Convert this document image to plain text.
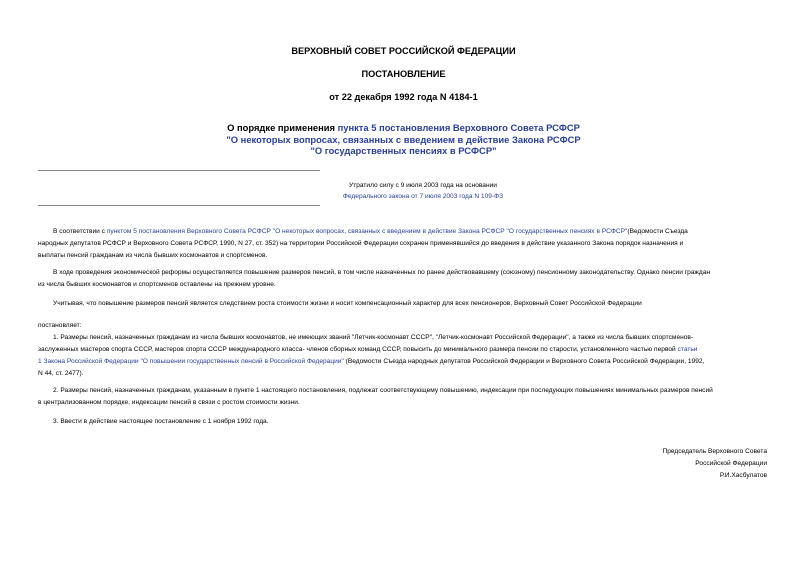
ВЕРХОВНЫЙ СОВЕТ РОССИЙСКОЙ ФЕДЕРАЦИИ
ПОСТАНОВЛЕНИЕ
от 22 декабря 1992 года N 4184-1
О порядке применения пункта 5 постановления Верховного Совета РСФСР
"О некоторых вопросах, связанных с введением в действие Закона РСФСР
"О государственных пенсиях в РСФСР"
Утратило силу с 9 июля 2003 года на основании
Федерального закона от 7 июля 2003 года N 109-ФЗ
В соответствии с пунктом 5 постановления Верховного Совета РСФСР "О некоторых вопросах, связанных с введением в действие Закона РСФСР "О государственных пенсиях в РСФСР"(Ведомости Съезда
народных депутатов РСФСР и Верховного Совета РСФСР, 1990, N 27, ст. 352) на территории Российской Федерации сохранен применявшийся до введения в действие указанного Закона порядок назначения и
выплаты пенсий гражданам из числа бывших космонавтов и спортсменов.
В ходе проведения экономической реформы осуществляется повышение размеров пенсий, в том числе назначенных по ранее действовавшему (союзному) пенсионному законодательству. Однако пенсии граждан
из числа бывших космонавтов и спортсменов оставлены на прежнем уровне.
Учитывая, что повышение размеров пенсий является следствием роста стоимости жизни и носит компенсационный характер для всех пенсионеров, Верховный Совет Российской Федерации
постановляет:
1. Размеры пенсий, назначенных гражданам из числа бывших космонавтов, не имеющих званий "Летчик-космонавт СССР", "Летчик-космонавт Российской Федерации", а также из числа бывших спортсменов-
заслуженных мастеров спорта СССР, мастеров спорта СССР международного класса- членов сборных команд СССР, повысить до минимального размера пенсии по старости, установленного частью первой статьи
1 Закона Российской Федерации "О повышении государственных пенсий в Российской Федерации" (Ведомости Съезда народных депутатов Российской Федерации и Верховного Совета Российской Федерации, 1992,
N 44, ст. 2477).
2. Размеры пенсий, назначенных гражданам, указанным в пункте 1 настоящего постановления, подлежат соответствующему повышению, индексации при последующих повышениях минимальных размеров пенсий
в централизованном порядке, индексации пенсий в связи с ростом стоимости жизни.
3. Ввести в действие настоящее постановление с 1 ноября 1992 года.
Председатель Верховного Совета
Российской Федерации
Р.И.Хасбулатов
